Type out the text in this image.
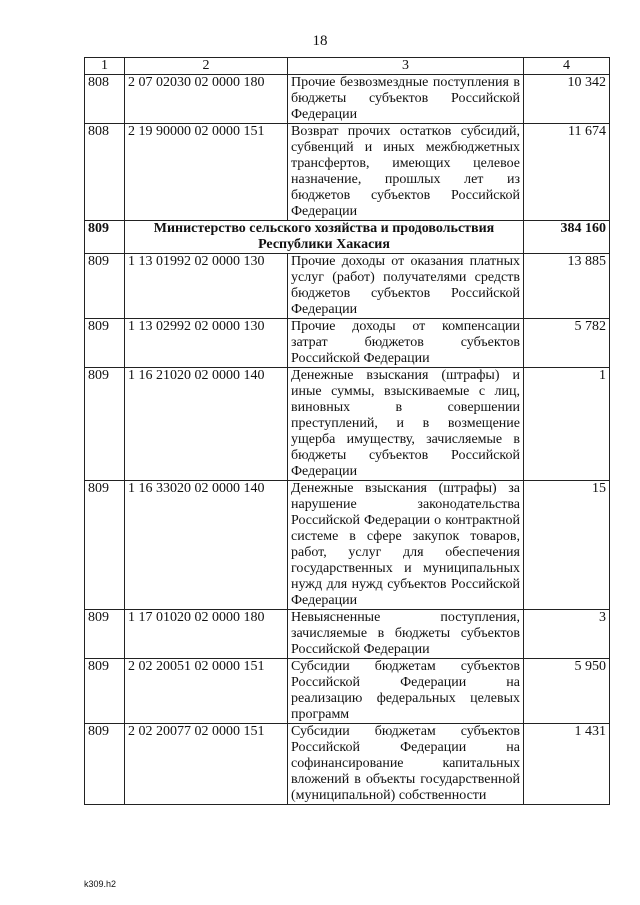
18
1	2	3	4
808	2 07 02030 02 0000 180	Прочие безвозмездные поступления в бюджеты субъектов Российской Федерации	10 342
808	2 19 90000 02 0000 151	Возврат прочих остатков субсидий, субвенций и иных межбюджетных трансфертов, имеющих целевое назначение, прошлых лет из бюджетов субъектов Российской Федерации	11 674
809	Министерство сельского хозяйства и продовольствия Республики Хакасия		384 160
809	1 13 01992 02 0000 130	Прочие доходы от оказания платных услуг (работ) получателями средств бюджетов субъектов Российской Федерации	13 885
809	1 13 02992 02 0000 130	Прочие доходы от компенсации затрат бюджетов субъектов Российской Федерации	5 782
809	1 16 21020 02 0000 140	Денежные взыскания (штрафы) и иные суммы, взыскиваемые с лиц, виновных в совершении преступлений, и в возмещение ущерба имуществу, зачисляемые в бюджеты субъектов Российской Федерации	1
809	1 16 33020 02 0000 140	Денежные взыскания (штрафы) за нарушение законодательства Российской Федерации о контрактной системе в сфере закупок товаров, работ, услуг для обеспечения государственных и муниципальных нужд для нужд субъектов Российской Федерации	15
809	1 17 01020 02 0000 180	Невыясненные поступления, зачисляемые в бюджеты субъектов Российской Федерации	3
809	2 02 20051 02 0000 151	Субсидии бюджетам субъектов Российской Федерации на реализацию федеральных целевых программ	5 950
809	2 02 20077 02 0000 151	Субсидии бюджетам субъектов Российской Федерации на софинансирование капитальных вложений в объекты государственной (муниципальной) собственности	1 431
k309.h2
